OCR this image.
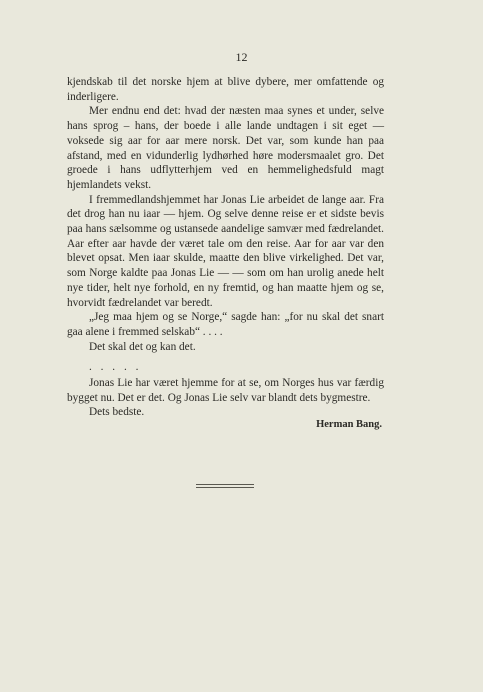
12

kjendskab til det norske hjem at blive dybere, mer omfattende og inderligere.

Mer endnu end det: hvad der næsten maa synes et under, selve hans sprog – hans, der boede i alle lande undtagen i sit eget — voksede sig aar for aar mere norsk. Det var, som kunde han paa afstand, med en vidunderlig lydhørhed høre modersmaalet gro. Det groede i hans udflytterhjem ved en hemmelighedsfuld magt hjemlandets vekst.

I fremmedlandshjemmet har Jonas Lie arbeidet de lange aar. Fra det drog han nu iaar — hjem. Og selve denne reise er et sidste bevis paa hans sælsomme og ustansede aandelige samvær med fædrelandet. Aar efter aar havde der været tale om den reise. Aar for aar var den blevet opsat. Men iaar skulde, maatte den blive virkelighed. Det var, som Norge kaldte paa Jonas Lie — — som om han urolig anede helt nye tider, helt nye forhold, en ny fremtid, og han maatte hjem og se, hvorvidt fædrelandet var beredt.

„Jeg maa hjem og se Norge,“ sagde han: „for nu skal det snart gaa alene i fremmed selskab“ . . . .

Det skal det og kan det.

. . . . .

Jonas Lie har været hjemme for at se, om Norges hus var færdig bygget nu. Det er det. Og Jonas Lie selv var blandt dets bygmestre.

Dets bedste.

Herman Bang.
